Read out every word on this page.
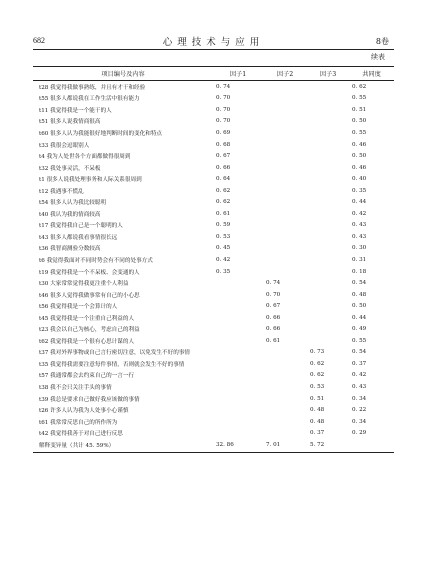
682	心理技术与应用	8卷
续表
项目编号及内容	因子1	因子2	因子3	共同度
t28 我觉得我做事熟练，并且有才干和经验	0. 74			0. 62
t55 很多人都说我在工作生活中很有能力	0. 70			0. 55
t11 我觉得我是一个能干的人	0. 70			0. 51
t51 很多人说我情商很高	0. 70			0. 50
t60 很多人认为我能很好地判断时间的变化和特点	0. 69			0. 55
t33 我很会逗眼别人	0. 68			0. 46
t4 我为人处世各个方面都做得很周到	0. 67			0. 50
t32 我处事灵活，不呆板	0. 66			0. 46
t1 很多人说我处理事务和人际关系很周到	0. 64			0. 40
t12 我遇事不慌乱	0. 62			0. 35
t54 很多人认为我比较聪明	0. 62			0. 44
t40 我认为我的情商较高	0. 61			0. 42
t17 我觉得我自己是一个聪明的人	0. 59			0. 43
t43 很多人都说我看事情很长远	0. 53			0. 43
t36 我智商测验分数较高	0. 45			0. 30
t6 我觉得我面对不同时势会有不同的处事方式	0. 42			0. 31
t19 我觉得我是一个不呆板、会变通的人	0. 35			0. 18
t30 大家常常觉得我更注重个人利益		0. 74		0. 54
t46 很多人觉得我做事常有自己的小心思		0. 70		0. 48
t56 我觉得我是一个会算计的人		0. 67		0. 50
t45 我觉得我是一个注重自己利益的人		0. 66		0. 44
t23 我会以自己为核心，考虑自己的利益		0. 66		0. 49
t62 我觉得我是一个很有心思计谋的人		0. 61		0. 55
t37 我对外界事物或自己言行密切注意，以免发生不好的事情			0. 73	0. 54
t35 我觉得我需要注意每件事情，否则就会发生不好的事情			0. 62	0. 37
t57 我通常都会去约束自己的一言一行			0. 62	0. 42
t38 我不会只关注手头的事情			0. 53	0. 43
t39 我总是要求自己做好我应该做的事情			0. 51	0. 34
t26 许多人认为我为人处事小心谨慎			0. 48	0. 22
t61 我常常反思自己的所作所为			0. 48	0. 34
t42 我觉得我善于对自己进行反思			0. 37	0. 29
解释变异量（共计 45. 59%）	32. 86	7. 01	5. 72	
